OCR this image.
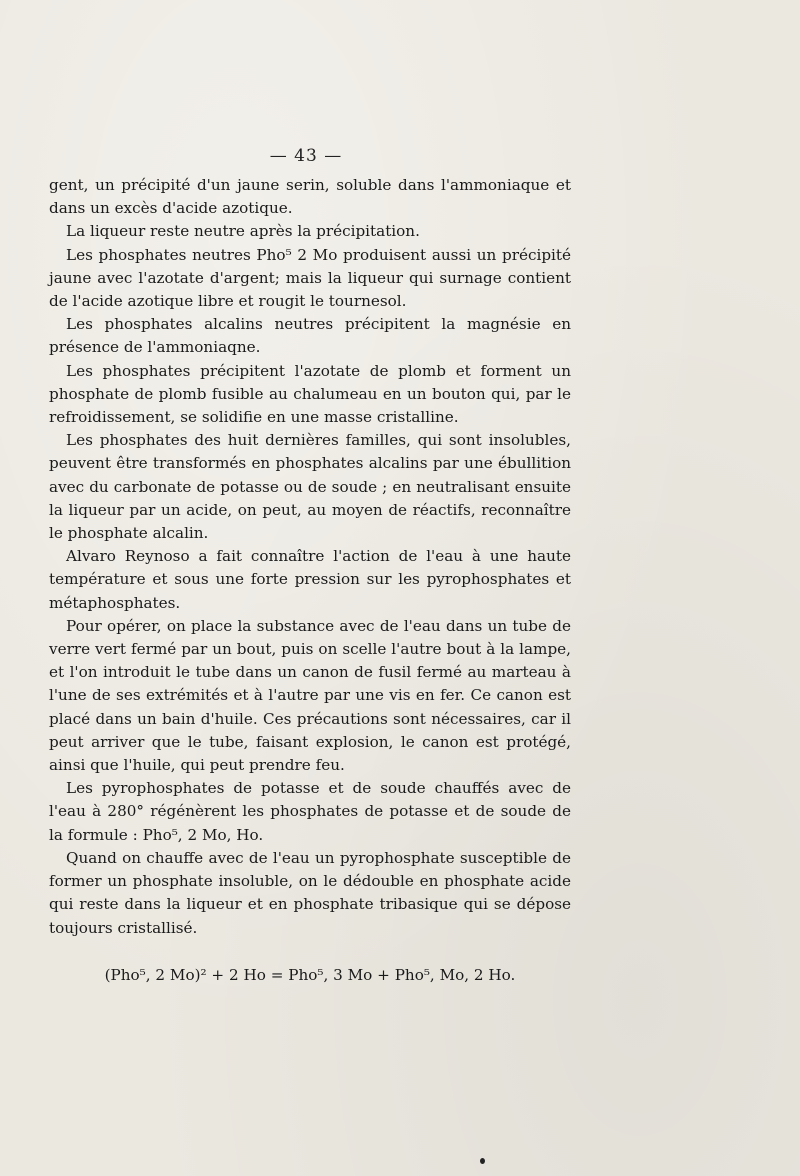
— 43 —

gent, un précipité d'un jaune serin, soluble dans l'ammoniaque et dans un excès d'acide azotique.

La liqueur reste neutre après la précipitation.

Les phosphates neutres Pho⁵ 2 Mo produisent aussi un précipité jaune avec l'azotate d'argent; mais la liqueur qui surnage contient de l'acide azotique libre et rougit le tournesol.

Les phosphates alcalins neutres précipitent la magnésie en présence de l'ammoniaqne.

Les phosphates précipitent l'azotate de plomb et forment un phosphate de plomb fusible au chalumeau en un bouton qui, par le refroidissement, se solidifie en une masse cristalline.

Les phosphates des huit dernières familles, qui sont insolubles, peuvent être transformés en phosphates alcalins par une ébullition avec du carbonate de potasse ou de soude ; en neutralisant ensuite la liqueur par un acide, on peut, au moyen de réactifs, reconnaître le phosphate alcalin.

Alvaro Reynoso a fait connaître l'action de l'eau à une haute température et sous une forte pression sur les pyrophosphates et métaphosphates.

Pour opérer, on place la substance avec de l'eau dans un tube de verre vert fermé par un bout, puis on scelle l'autre bout à la lampe, et l'on introduit le tube dans un canon de fusil fermé au marteau à l'une de ses extrémités et à l'autre par une vis en fer. Ce canon est placé dans un bain d'huile. Ces précautions sont nécessaires, car il peut arriver que le tube, faisant explosion, le canon est protégé, ainsi que l'huile, qui peut prendre feu.

Les pyrophosphates de potasse et de soude chauffés avec de l'eau à 280° régénèrent les phosphates de potasse et de soude de la formule : Pho⁵, 2 Mo, Ho.

Quand on chauffe avec de l'eau un pyrophosphate susceptible de former un phosphate insoluble, on le dédouble en phosphate acide qui reste dans la liqueur et en phosphate tribasique qui se dépose toujours cristallisé.

(Pho⁵, 2 Mo)² + 2 Ho = Pho⁵, 3 Mo + Pho⁵, Mo, 2 Ho.
